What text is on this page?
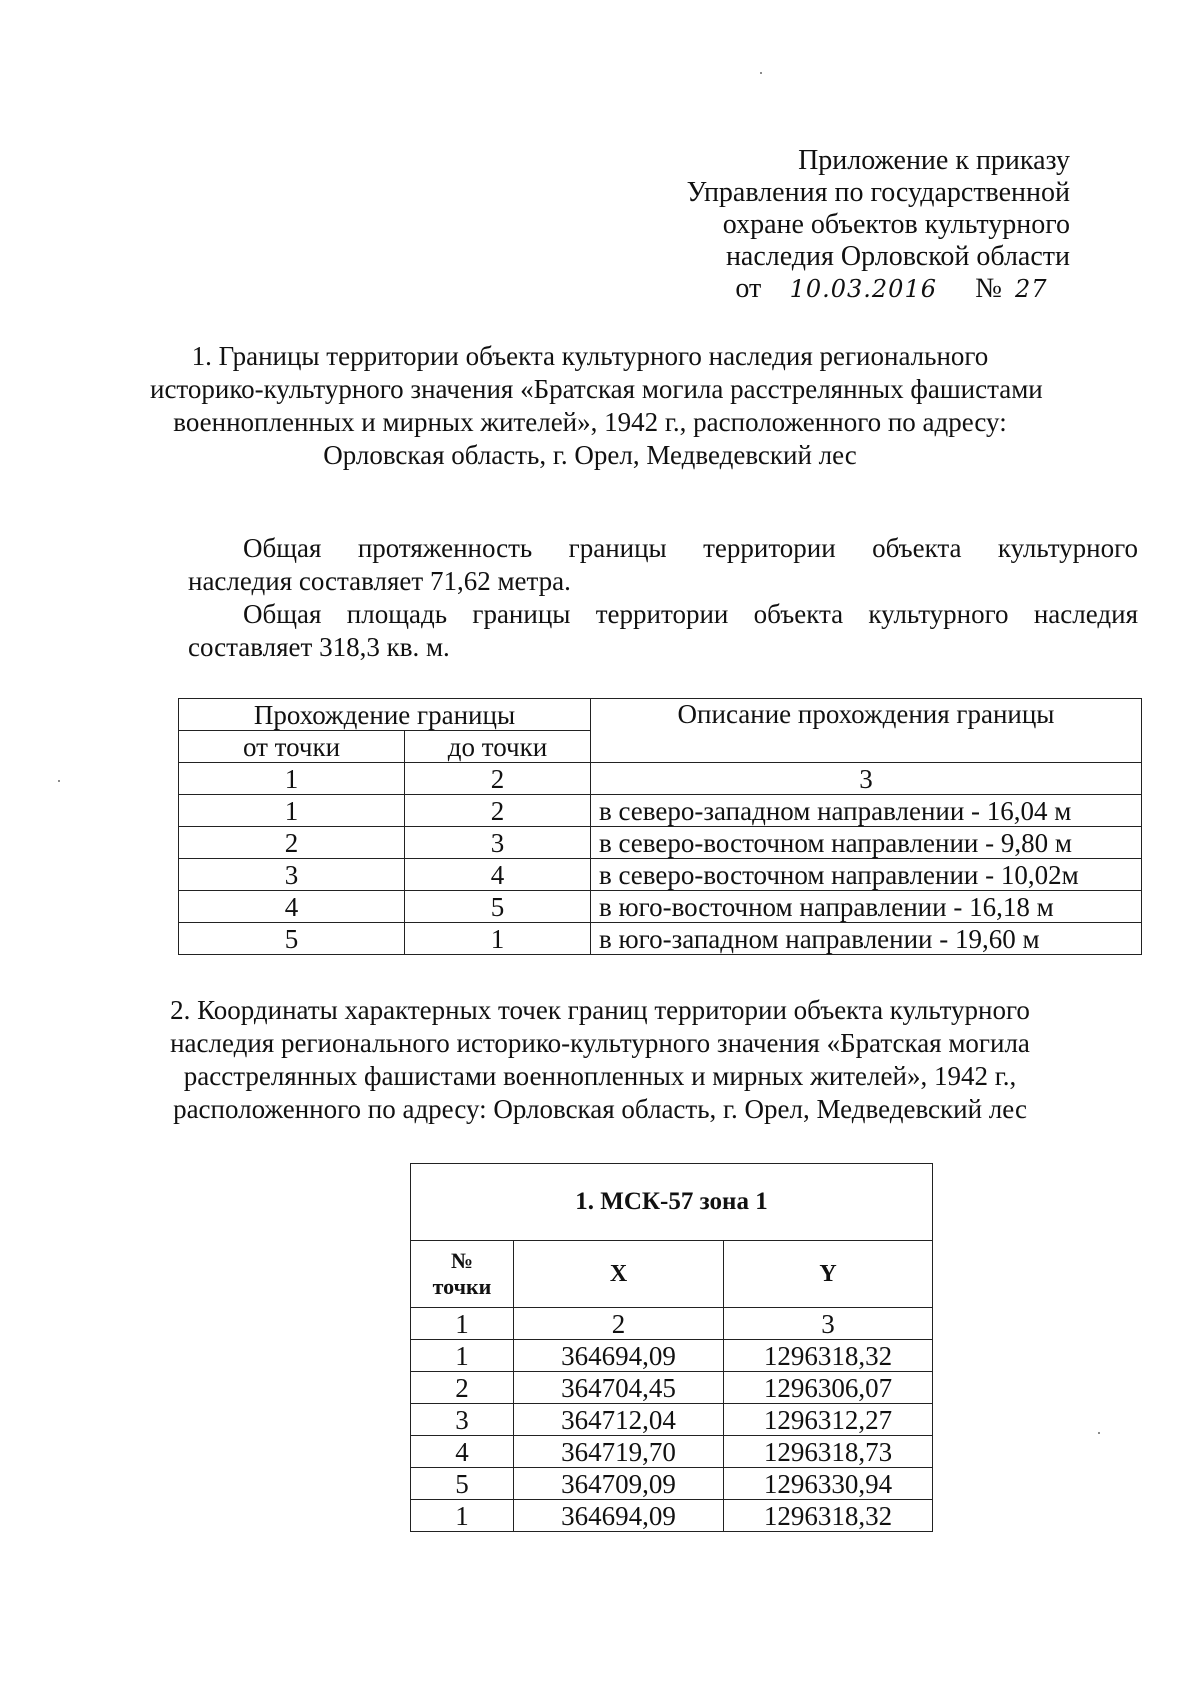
Приложение к приказу
Управления по государственной
охране объектов культурного
наследия Орловской области
от 10.03.2016 № 27
1. Границы территории объекта культурного наследия регионального
историко-культурного значения «Братская могила расстрелянных фашистами
военнопленных и мирных жителей», 1942 г., расположенного по адресу:
Орловская область, г. Орел, Медведевский лес
Общая протяженность границы территории объекта культурного
наследия составляет 71,62 метра.
Общая площадь границы территории объекта культурного наследия
составляет 318,3 кв. м.
Прохождение границы		Описание прохождения границы
от точки	до точки	
1	2	3
1	2	в северо-западном направлении - 16,04 м
2	3	в северо-восточном направлении - 9,80 м
3	4	в северо-восточном направлении - 10,02м
4	5	в юго-восточном направлении - 16,18 м
5	1	в юго-западном направлении - 19,60 м
2. Координаты характерных точек границ территории объекта культурного
наследия регионального историко-культурного значения «Братская могила
расстрелянных фашистами военнопленных и мирных жителей», 1942 г.,
расположенного по адресу: Орловская область, г. Орел, Медведевский лес
1. МСК-57 зона 1		

№
точки	X	Y
1	2	3
1	364694,09	1296318,32
2	364704,45	1296306,07
3	364712,04	1296312,27
4	364719,70	1296318,73
5	364709,09	1296330,94
1	364694,09	1296318,32
